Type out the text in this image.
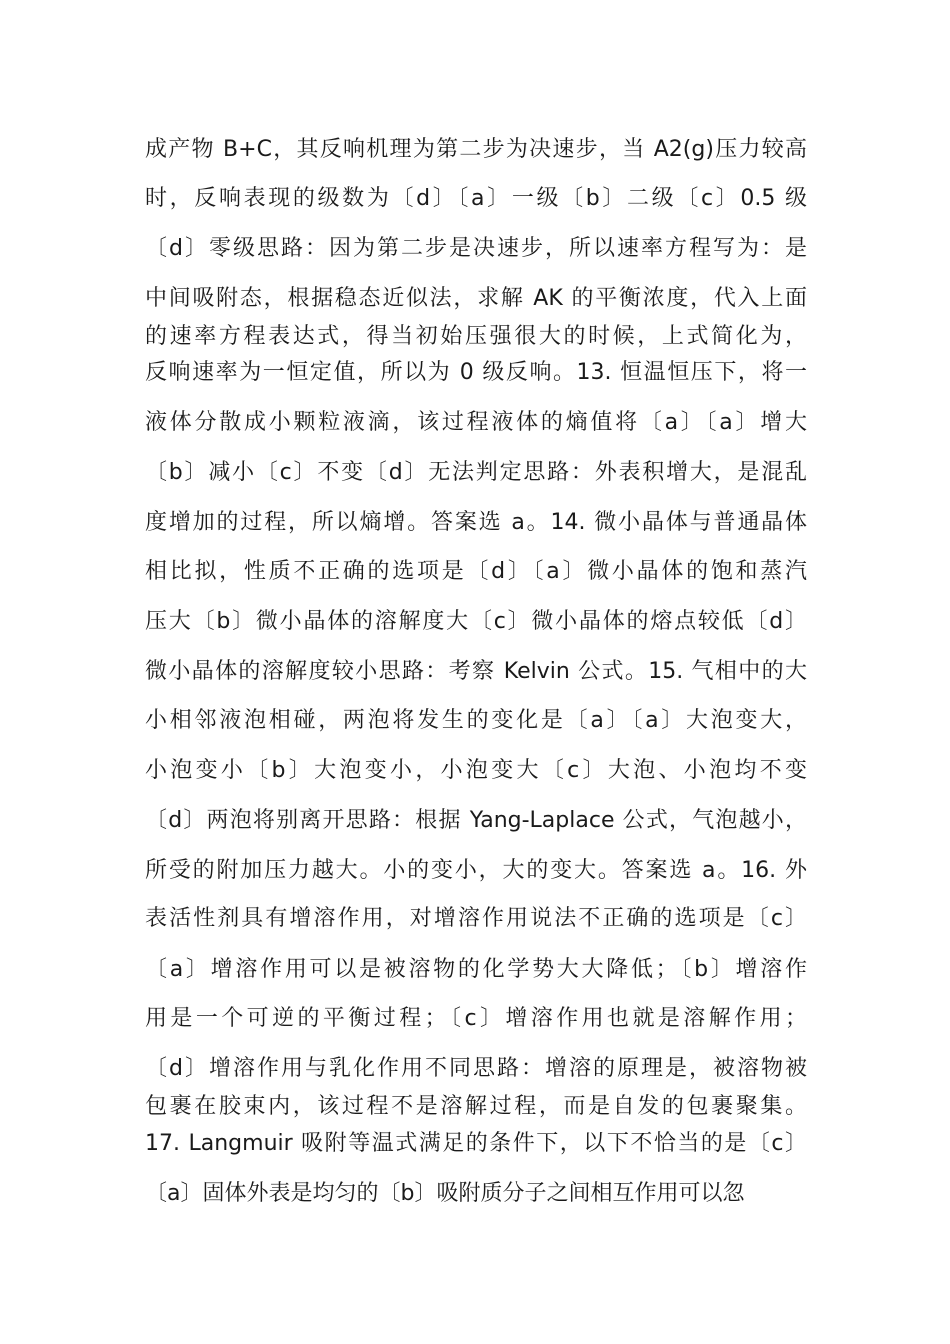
成产物 B+C，其反响机理为第二步为决速步，当 A2(g)压力较高

时，反响表现的级数为〔d〕〔a〕一级〔b〕二级〔c〕0.5 级

〔d〕零级思路：因为第二步是决速步，所以速率方程写为：是

中间吸附态，根据稳态近似法，求解 AK 的平衡浓度，代入上面

的速率方程表达式，得当初始压强很大的时候，上式简化为，

反响速率为一恒定值，所以为 0 级反响。13. 恒温恒压下，将一

液体分散成小颗粒液滴，该过程液体的熵值将〔a〕〔a〕增大

〔b〕减小〔c〕不变〔d〕无法判定思路：外表积增大，是混乱

度增加的过程，所以熵增。答案选 a。14. 微小晶体与普通晶体

相比拟，性质不正确的选项是〔d〕〔a〕微小晶体的饱和蒸汽

压大〔b〕微小晶体的溶解度大〔c〕微小晶体的熔点较低〔d〕

微小晶体的溶解度较小思路：考察 Kelvin 公式。15. 气相中的大

小相邻液泡相碰，两泡将发生的变化是〔a〕〔a〕大泡变大，

小泡变小〔b〕大泡变小，小泡变大〔c〕大泡、小泡均不变

〔d〕两泡将别离开思路：根据 Yang-Laplace 公式，气泡越小，

所受的附加压力越大。小的变小，大的变大。答案选 a。16. 外

表活性剂具有增溶作用，对增溶作用说法不正确的选项是〔c〕

〔a〕增溶作用可以是被溶物的化学势大大降低；〔b〕增溶作

用是一个可逆的平衡过程；〔c〕增溶作用也就是溶解作用；

〔d〕增溶作用与乳化作用不同思路：增溶的原理是，被溶物被

包裹在胶束内，该过程不是溶解过程，而是自发的包裹聚集。

17. Langmuir 吸附等温式满足的条件下，以下不恰当的是〔c〕

〔a〕固体外表是均匀的〔b〕吸附质分子之间相互作用可以忽
